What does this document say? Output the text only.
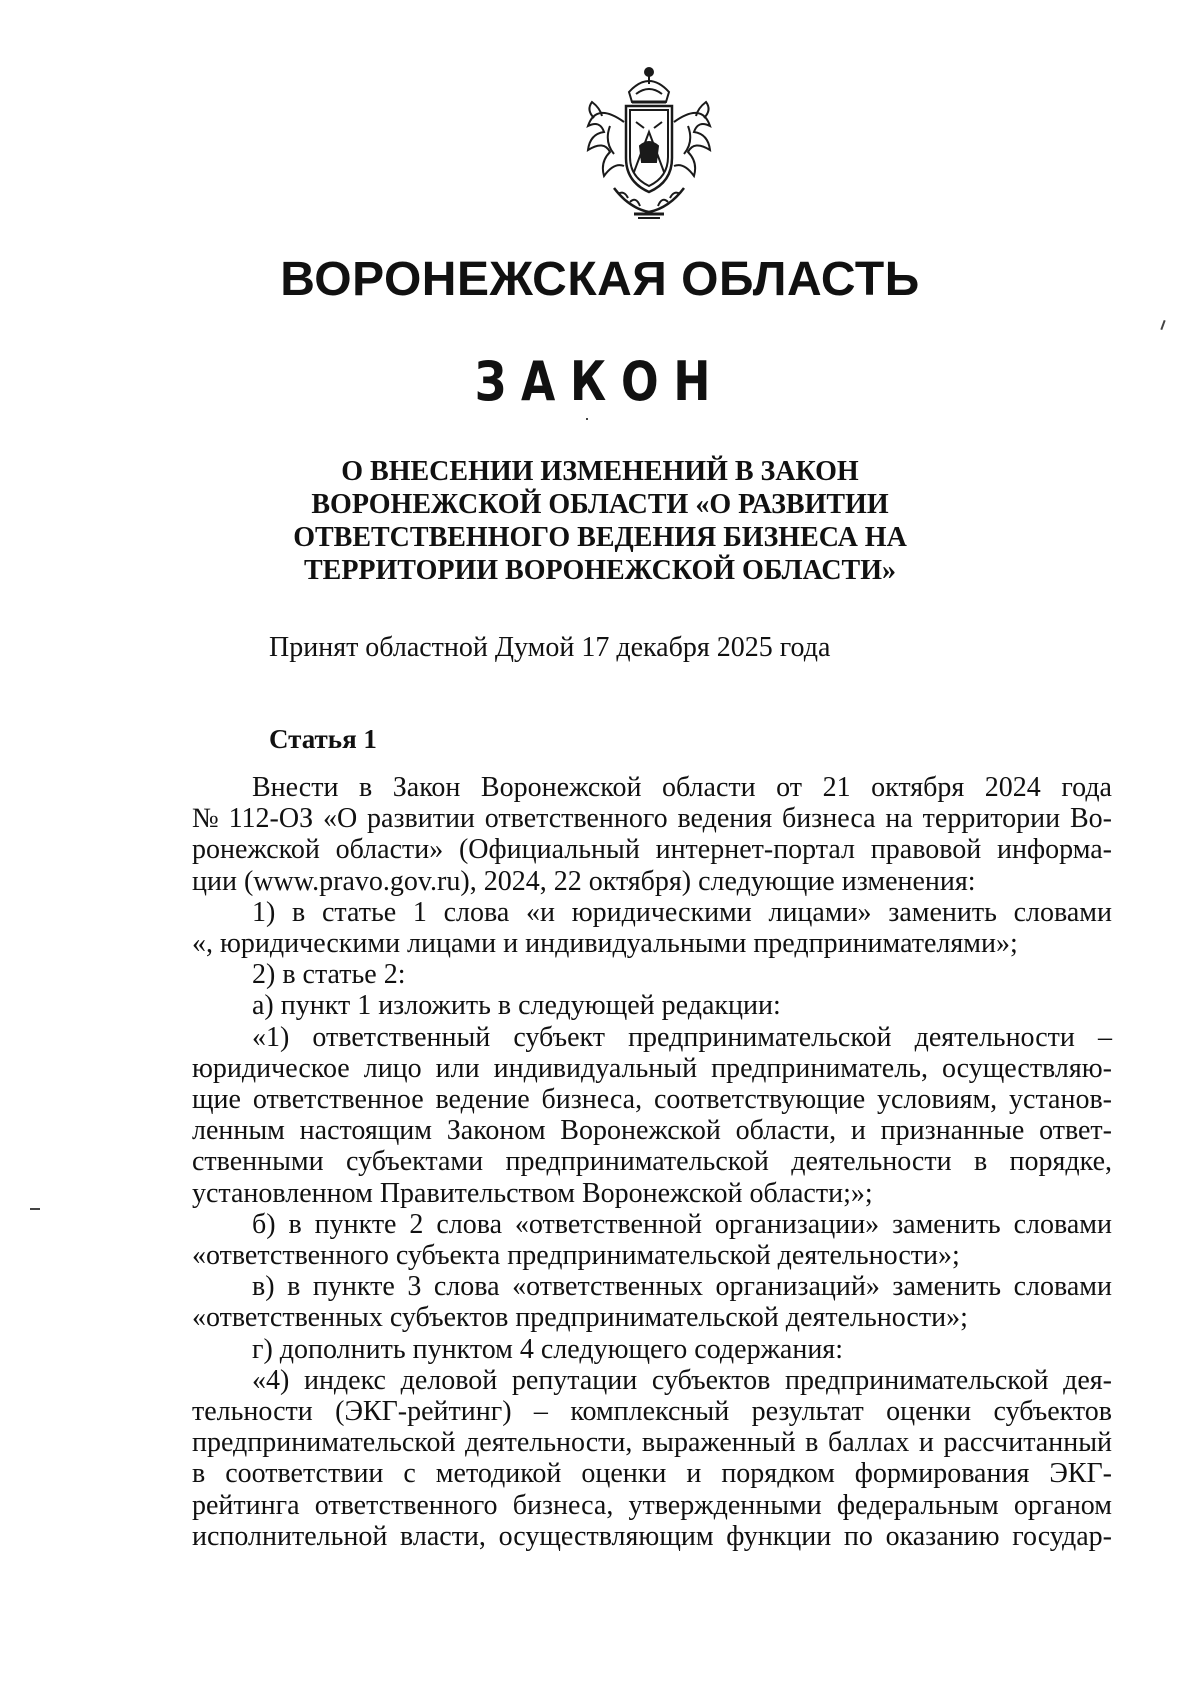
ВОРОНЕЖСКАЯ ОБЛАСТЬ
ЗАКОН
О ВНЕСЕНИИ ИЗМЕНЕНИЙ В ЗАКОН
ВОРОНЕЖСКОЙ ОБЛАСТИ «О РАЗВИТИИ
ОТВЕТСТВЕННОГО ВЕДЕНИЯ БИЗНЕСА НА
ТЕРРИТОРИИ ВОРОНЕЖСКОЙ ОБЛАСТИ»

Принят областной Думой 17 декабря 2025 года

Статья 1

Внести в Закон Воронежской области от 21 октября 2024 года
№ 112-ОЗ «О развитии ответственного ведения бизнеса на территории Во-
ронежской области» (Официальный интернет-портал правовой информа-
ции (www.pravo.gov.ru), 2024, 22 октября) следующие изменения:
1) в статье 1 слова «и юридическими лицами» заменить словами
«, юридическими лицами и индивидуальными предпринимателями»;
2) в статье 2:
а) пункт 1 изложить в следующей редакции:
«1) ответственный субъект предпринимательской деятельности –
юридическое лицо или индивидуальный предприниматель, осуществляю-
щие ответственное ведение бизнеса, соответствующие условиям, установ-
ленным настоящим Законом Воронежской области, и признанные ответ-
ственными субъектами предпринимательской деятельности в порядке,
установленном Правительством Воронежской области;»;
б) в пункте 2 слова «ответственной организации» заменить словами
«ответственного субъекта предпринимательской деятельности»;
в) в пункте 3 слова «ответственных организаций» заменить словами
«ответственных субъектов предпринимательской деятельности»;
г) дополнить пунктом 4 следующего содержания:
«4) индекс деловой репутации субъектов предпринимательской дея-
тельности (ЭКГ-рейтинг) – комплексный результат оценки субъектов
предпринимательской деятельности, выраженный в баллах и рассчитанный
в соответствии с методикой оценки и порядком формирования ЭКГ-
рейтинга ответственного бизнеса, утвержденными федеральным органом
исполнительной власти, осуществляющим функции по оказанию государ-
